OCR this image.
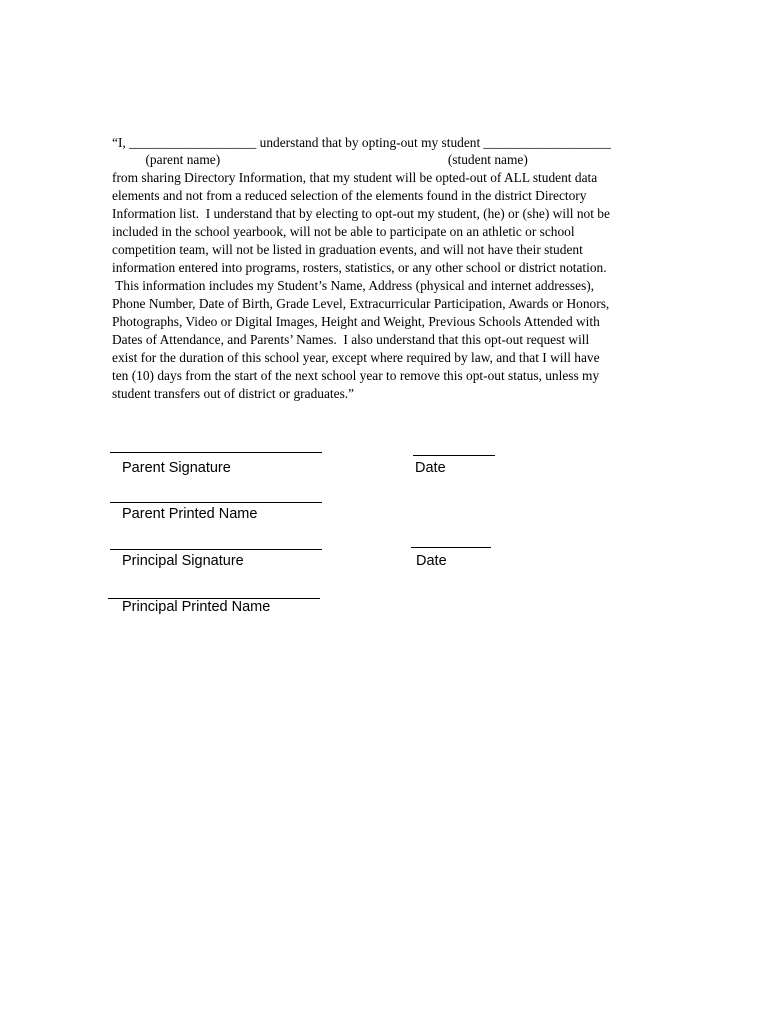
“I, ___________________ understand that by opting-out my student ___________________
(parent name)                                                                    (student name)
from sharing Directory Information, that my student will be opted-out of ALL student data
elements and not from a reduced selection of the elements found in the district Directory
Information list.  I understand that by electing to opt-out my student, (he) or (she) will not be
included in the school yearbook, will not be able to participate on an athletic or school
competition team, will not be listed in graduation events, and will not have their student
information entered into programs, rosters, statistics, or any other school or district notation.
This information includes my Student’s Name, Address (physical and internet addresses),
Phone Number, Date of Birth, Grade Level, Extracurricular Participation, Awards or Honors,
Photographs, Video or Digital Images, Height and Weight, Previous Schools Attended with
Dates of Attendance, and Parents’ Names.  I also understand that this opt-out request will
exist for the duration of this school year, except where required by law, and that I will have
ten (10) days from the start of the next school year to remove this opt-out status, unless my
student transfers out of district or graduates.”
Parent Signature	Date
Parent Printed Name
Principal Signature	Date
Principal Printed Name
